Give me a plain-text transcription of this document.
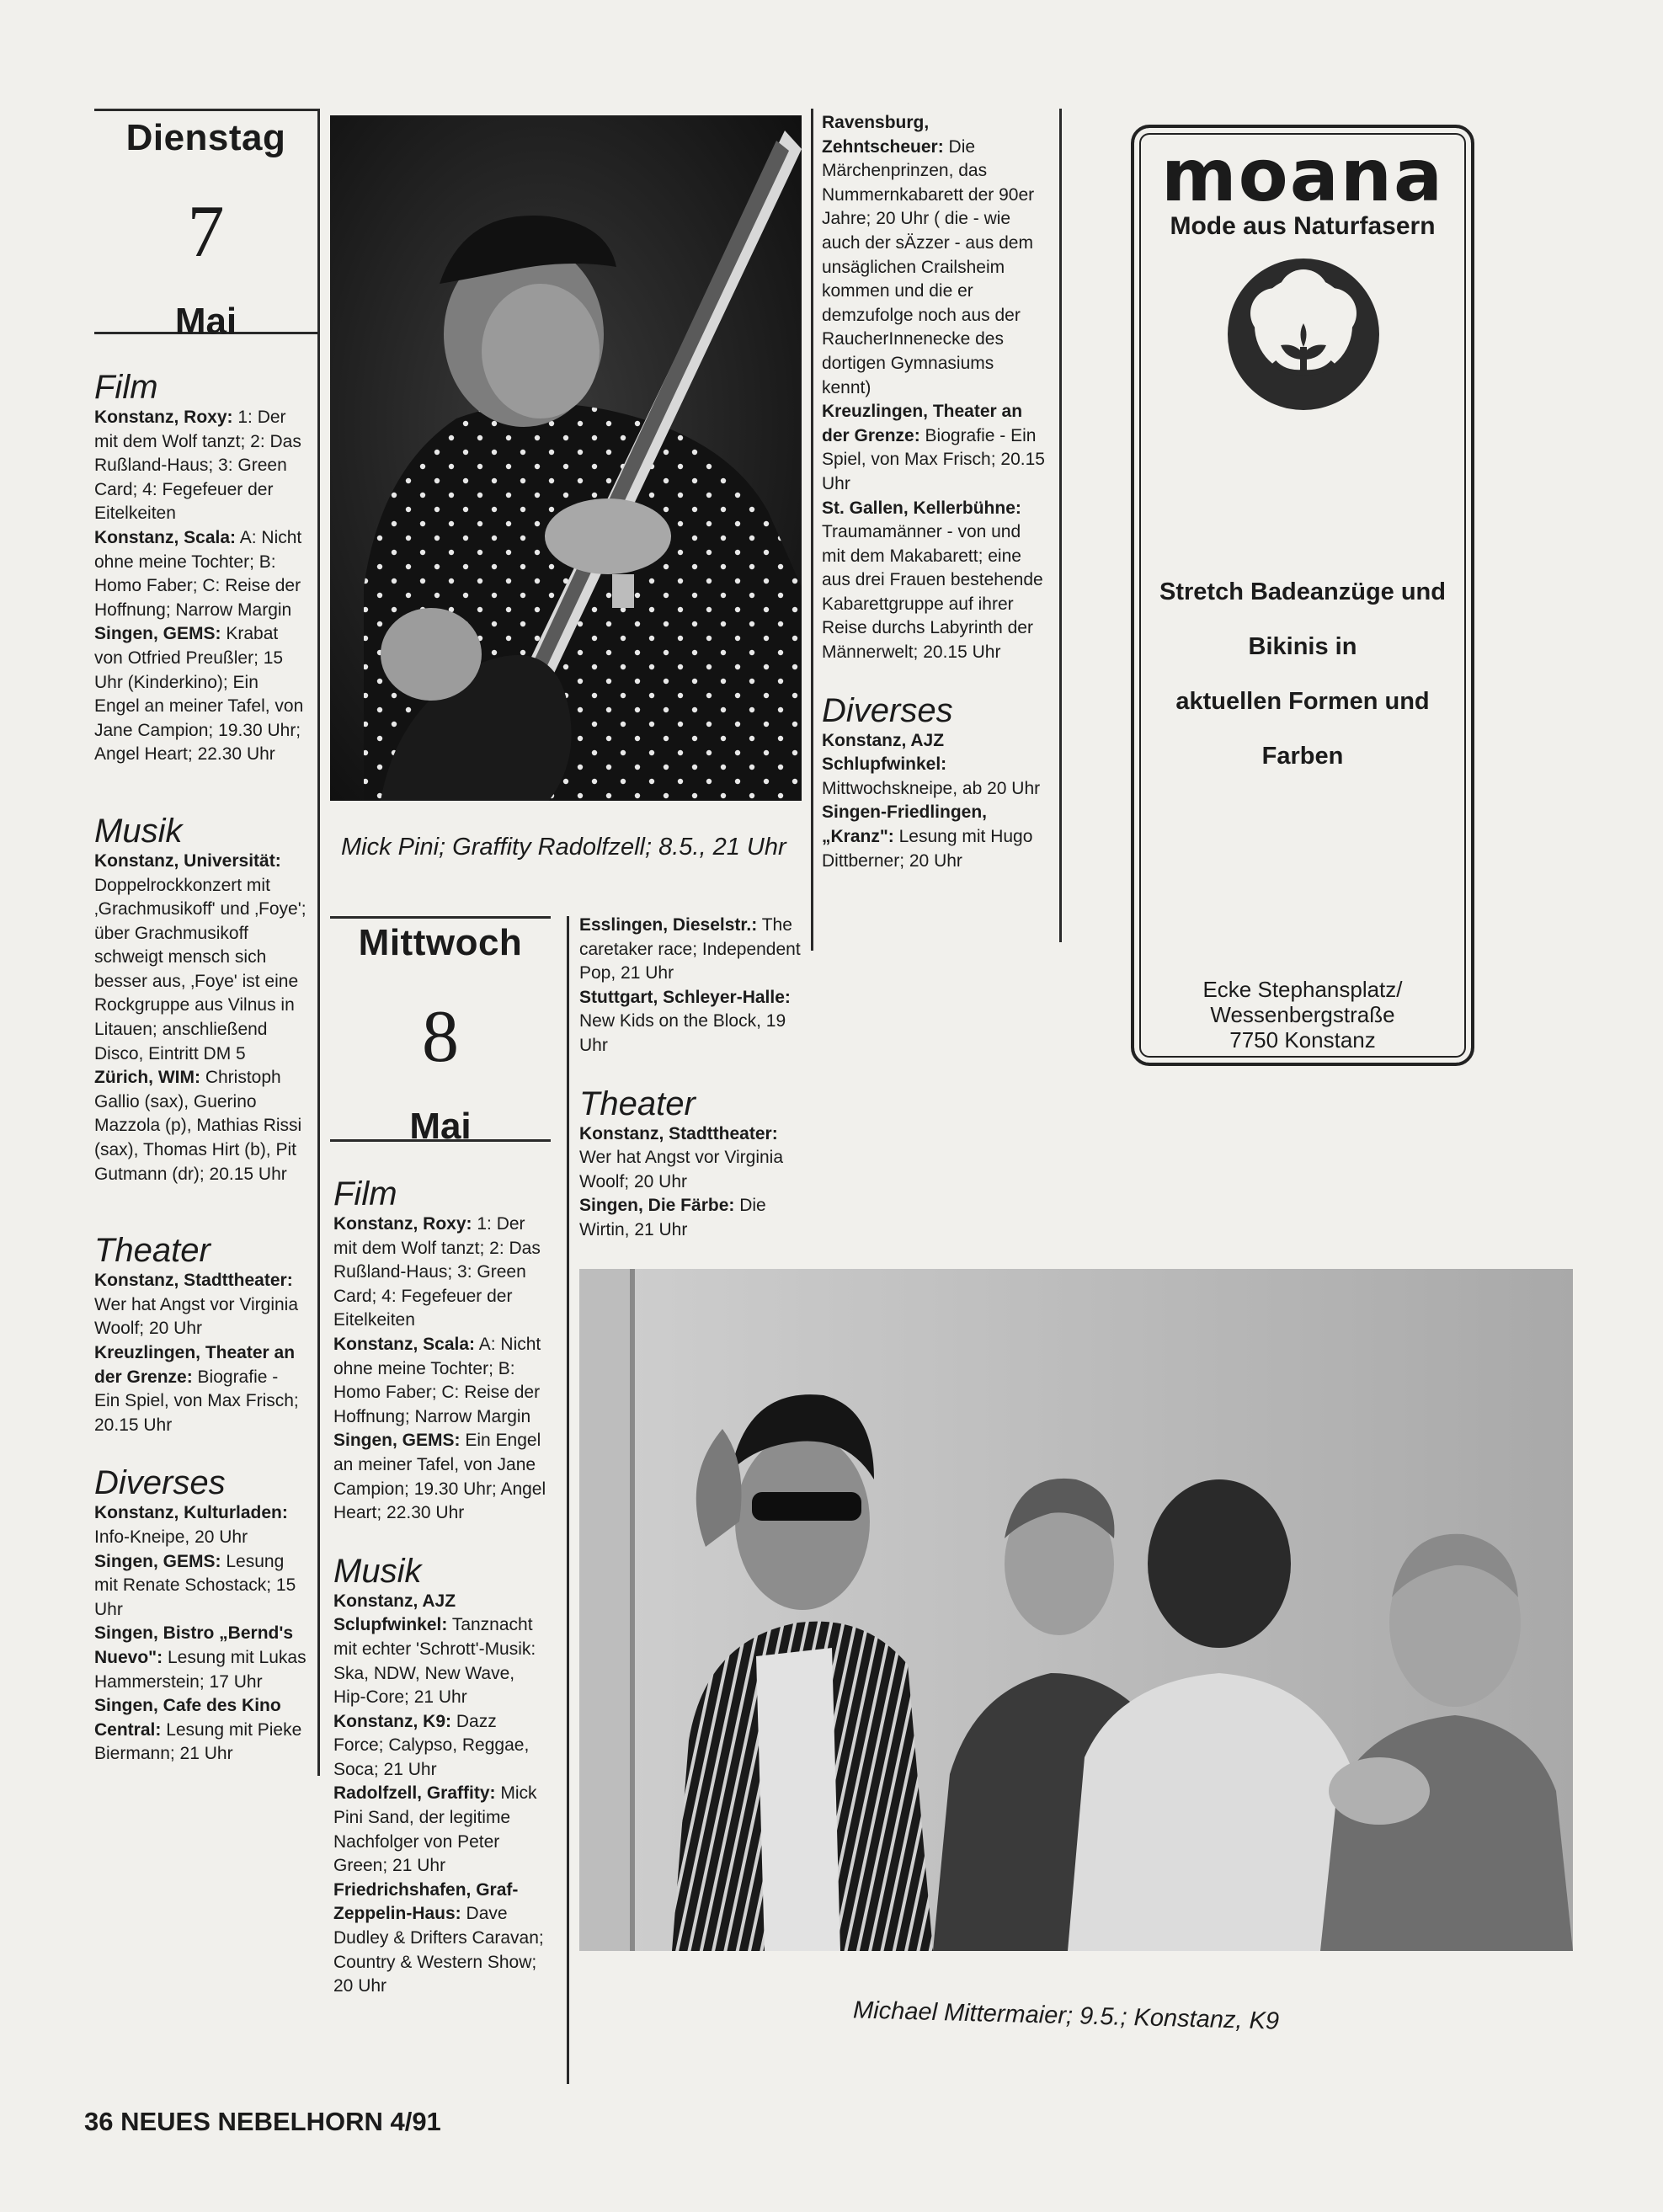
Dienstag
7
Mai
Film

Konstanz, Roxy: 1: Der mit dem Wolf tanzt; 2: Das Rußland-Haus; 3: Green Card; 4: Fegefeuer der Eitelkeiten

Konstanz, Scala: A: Nicht ohne meine Tochter; B: Homo Faber; C: Reise der Hoffnung; Narrow Margin

Singen, GEMS: Krabat von Otfried Preußler; 15 Uhr (Kinderkino); Ein Engel an meiner Tafel, von Jane Campion; 19.30 Uhr; Angel Heart; 22.30 Uhr

Musik

Konstanz, Universität: Doppelrockkonzert mit ‚Grachmusikoff' und ‚Foye'; über Grachmusikoff schweigt mensch sich besser aus, ‚Foye' ist eine Rockgruppe aus Vilnus in Litauen; anschließend Disco, Eintritt DM 5

Zürich, WIM: Christoph Gallio (sax), Guerino Mazzola (p), Mathias Rissi (sax), Thomas Hirt (b), Pit Gutmann (dr); 20.15 Uhr

Theater

Konstanz, Stadttheater: Wer hat Angst vor Virginia Woolf; 20 Uhr

Kreuzlingen, Theater an der Grenze: Biografie - Ein Spiel, von Max Frisch; 20.15 Uhr

Diverses

Konstanz, Kulturladen: Info-Kneipe, 20 Uhr

Singen, GEMS: Lesung mit Renate Schostack; 15 Uhr

Singen, Bistro „Bernd's Nuevo": Lesung mit Lukas Hammerstein; 17 Uhr

Singen, Cafe des Kino Central: Lesung mit Pieke Biermann; 21 Uhr

Mick Pini; Graffity Radolfzell; 8.5., 21 Uhr
Mittwoch
8
Mai
Film

Konstanz, Roxy: 1: Der mit dem Wolf tanzt; 2: Das Rußland-Haus; 3: Green Card; 4: Fegefeuer der Eitelkeiten

Konstanz, Scala: A: Nicht ohne meine Tochter; B: Homo Faber; C: Reise der Hoffnung; Narrow Margin

Singen, GEMS: Ein Engel an meiner Tafel, von Jane Campion; 19.30 Uhr; Angel Heart; 22.30 Uhr

Musik

Konstanz, AJZ Sclupfwinkel: Tanznacht mit echter 'Schrott'-Musik: Ska, NDW, New Wave, Hip-Core; 21 Uhr

Konstanz, K9: Dazz Force; Calypso, Reggae, Soca; 21 Uhr

Radolfzell, Graffity: Mick Pini Sand, der legitime Nachfolger von Peter Green; 21 Uhr

Friedrichshafen, Graf-Zeppelin-Haus: Dave Dudley & Drifters Caravan; Country & Western Show; 20 Uhr

Esslingen, Dieselstr.: The caretaker race; Independent Pop, 21 Uhr

Stuttgart, Schleyer-Halle: New Kids on the Block, 19 Uhr

Theater

Konstanz, Stadttheater: Wer hat Angst vor Virginia Woolf; 20 Uhr

Singen, Die Färbe: Die Wirtin, 21 Uhr

Ravensburg, Zehntscheuer: Die Märchenprinzen, das Nummernkabarett der 90er Jahre; 20 Uhr ( die - wie auch der sÄzzer - aus dem unsäglichen Crailsheim kommen und die er demzufolge noch aus der RaucherInnenecke des dortigen Gymnasiums kennt)

Kreuzlingen, Theater an der Grenze: Biografie - Ein Spiel, von Max Frisch; 20.15 Uhr

St. Gallen, Kellerbühne: Traumamänner - von und mit dem Makabarett; eine aus drei Frauen bestehende Kabarettgruppe auf ihrer Reise durchs Labyrinth der Männerwelt; 20.15 Uhr

Diverses

Konstanz, AJZ Schlupfwinkel: Mittwochskneipe, ab 20 Uhr

Singen-Friedlingen, „Kranz": Lesung mit Hugo Dittberner; 20 Uhr

moana
Mode aus Naturfasern
Stretch Badeanzüge und
Bikinis in
aktuellen Formen und
Farben
Ecke Stephansplatz/
Wessenbergstraße
7750 Konstanz
Michael Mittermaier; 9.5.; Konstanz, K9
36 NEUES NEBELHORN 4/91
